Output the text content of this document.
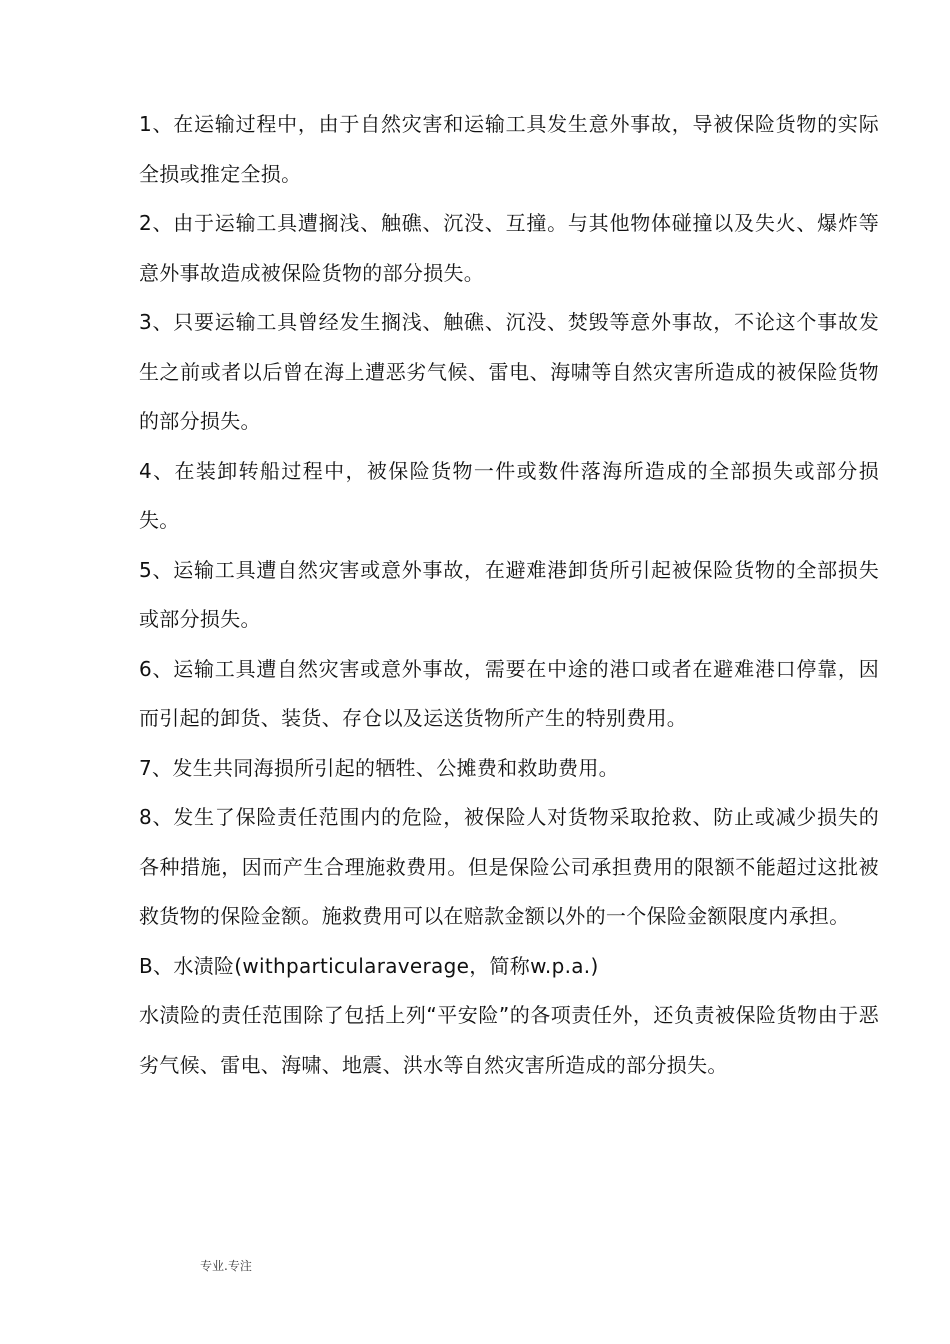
1、在运输过程中，由于自然灾害和运输工具发生意外事故，导被保险货物的实际全损或推定全损。

2、由于运输工具遭搁浅、触礁、沉没、互撞。与其他物体碰撞以及失火、爆炸等意外事故造成被保险货物的部分损失。

3、只要运输工具曾经发生搁浅、触礁、沉没、焚毁等意外事故，不论这个事故发生之前或者以后曾在海上遭恶劣气候、雷电、海啸等自然灾害所造成的被保险货物的部分损失。

4、在装卸转船过程中，被保险货物一件或数件落海所造成的全部损失或部分损失。

5、运输工具遭自然灾害或意外事故，在避难港卸货所引起被保险货物的全部损失或部分损失。

6、运输工具遭自然灾害或意外事故，需要在中途的港口或者在避难港口停靠，因而引起的卸货、装货、存仓以及运送货物所产生的特别费用。

7、发生共同海损所引起的牺牲、公摊费和救助费用。

8、发生了保险责任范围内的危险，被保险人对货物采取抢救、防止或减少损失的各种措施，因而产生合理施救费用。但是保险公司承担费用的限额不能超过这批被救货物的保险金额。施救费用可以在赔款金额以外的一个保险金额限度内承担。

B、水渍险(withparticularaverage，简称w.p.a.)

水渍险的责任范围除了包括上列“平安险”的各项责任外，还负责被保险货物由于恶劣气候、雷电、海啸、地震、洪水等自然灾害所造成的部分损失。

专业.专注
